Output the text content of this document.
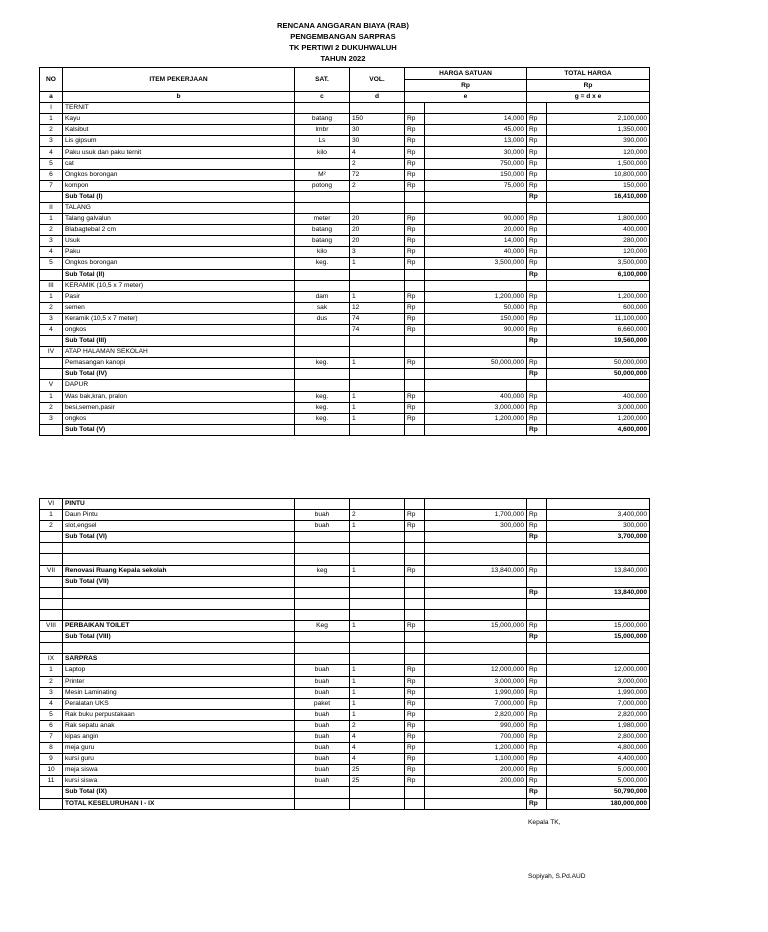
RENCANA ANGGARAN BIAYA (RAB)
PENGEMBANGAN SARPRAS
TK PERTIWI 2 DUKUHWALUH
TAHUN 2022
NO	ITEM PEKERJAAN	SAT.	VOL.	HARGA SATUAN		TOTAL HARGA	
				Rp		Rp	
a	b	c	d	e		g = d x e	
I	TERNIT						
1	Kayu	batang	150	Rp	14,000	Rp	2,100,000
2	Kalsibut	lmbr	30	Rp	45,000	Rp	1,350,000
3	Lis gipsum	Ls	30	Rp	13,000	Rp	390,000
4	Paku usuk dan paku ternit	kilo	4	Rp	30,000	Rp	120,000
5	cat		2	Rp	750,000	Rp	1,500,000
6	Ongkos borongan	M²	72	Rp	150,000	Rp	10,800,000
7	kompon	potong	2	Rp	75,000	Rp	150,000
	Sub Total (I)					Rp	16,410,000
II	TALANG						
1	Talang galvalun	meter	20	Rp	90,000	Rp	1,800,000
2	Blabagtebal 2 cm	batang	20	Rp	20,000	Rp	400,000
3	Usuk	batang	20	Rp	14,000	Rp	280,000
4	Paku	kilo	3	Rp	40,000	Rp	120,000
5	Ongkos borongan	keg.	1	Rp	3,500,000	Rp	3,500,000
	Sub Total (II)					Rp	6,100,000
III	KERAMIK (10,5 x 7 meter)						
1	Pasir	dam	1	Rp	1,200,000	Rp	1,200,000
2	semen	sak	12	Rp	50,000	Rp	600,000
3	Keramik (10,5 x 7 meter)	dus	74	Rp	150,000	Rp	11,100,000
4	ongkos		74	Rp	90,000	Rp	6,660,000
	Sub Total (III)					Rp	19,560,000
IV	ATAP HALAMAN SEKOLAH						
	Pemasangan kanopi	keg.	1	Rp	50,000,000	Rp	50,000,000
	Sub Total (IV)					Rp	50,000,000
V	DAPUR						
1	Was bak,kran, pralon	keg.	1	Rp	400,000	Rp	400,000
2	besi,semen,pasir	keg.	1	Rp	3,000,000	Rp	3,000,000
3	ongkos	keg.	1	Rp	1,200,000	Rp	1,200,000
	Sub Total (V)					Rp	4,600,000
VI	PINTU						
1	Daun Pintu	buah	2	Rp	1,700,000	Rp	3,400,000
2	slot,engsel	buah	1	Rp	300,000	Rp	300,000
	Sub Total (VI)					Rp	3,700,000

VII	Renovasi Ruang Kepala sekolah	keg	1	Rp	13,840,000	Rp	13,840,000
	Sub Total (VII)						
						Rp	13,840,000

VIII	PERBAIKAN TOILET	Keg	1	Rp	15,000,000	Rp	15,000,000
	Sub Total (VIII)					Rp	15,000,000

IX	SARPRAS						
1	Laptop	buah	1	Rp	12,000,000	Rp	12,000,000
2	Printer	buah	1	Rp	3,000,000	Rp	3,000,000
3	Mesin Laminating	buah	1	Rp	1,990,000	Rp	1,990,000
4	Peralatan UKS	paket	1	Rp	7,000,000	Rp	7,000,000
5	Rak buku perpustakaan	buah	1	Rp	2,820,000	Rp	2,820,000
6	Rak sepatu anak	buah	2	Rp	990,000	Rp	1,980,000
7	kipas angin	buah	4	Rp	700,000	Rp	2,800,000
8	meja guru	buah	4	Rp	1,200,000	Rp	4,800,000
9	kursi guru	buah	4	Rp	1,100,000	Rp	4,400,000
10	meja siswa	buah	25	Rp	200,000	Rp	5,000,000
11	kursi siswa	buah	25	Rp	200,000	Rp	5,000,000
	Sub Total (IX)					Rp	50,790,000
	TOTAL KESELURUHAN I - IX					Rp	180,000,000
Kepala TK,
Sopiyah, S.Pd.AUD
